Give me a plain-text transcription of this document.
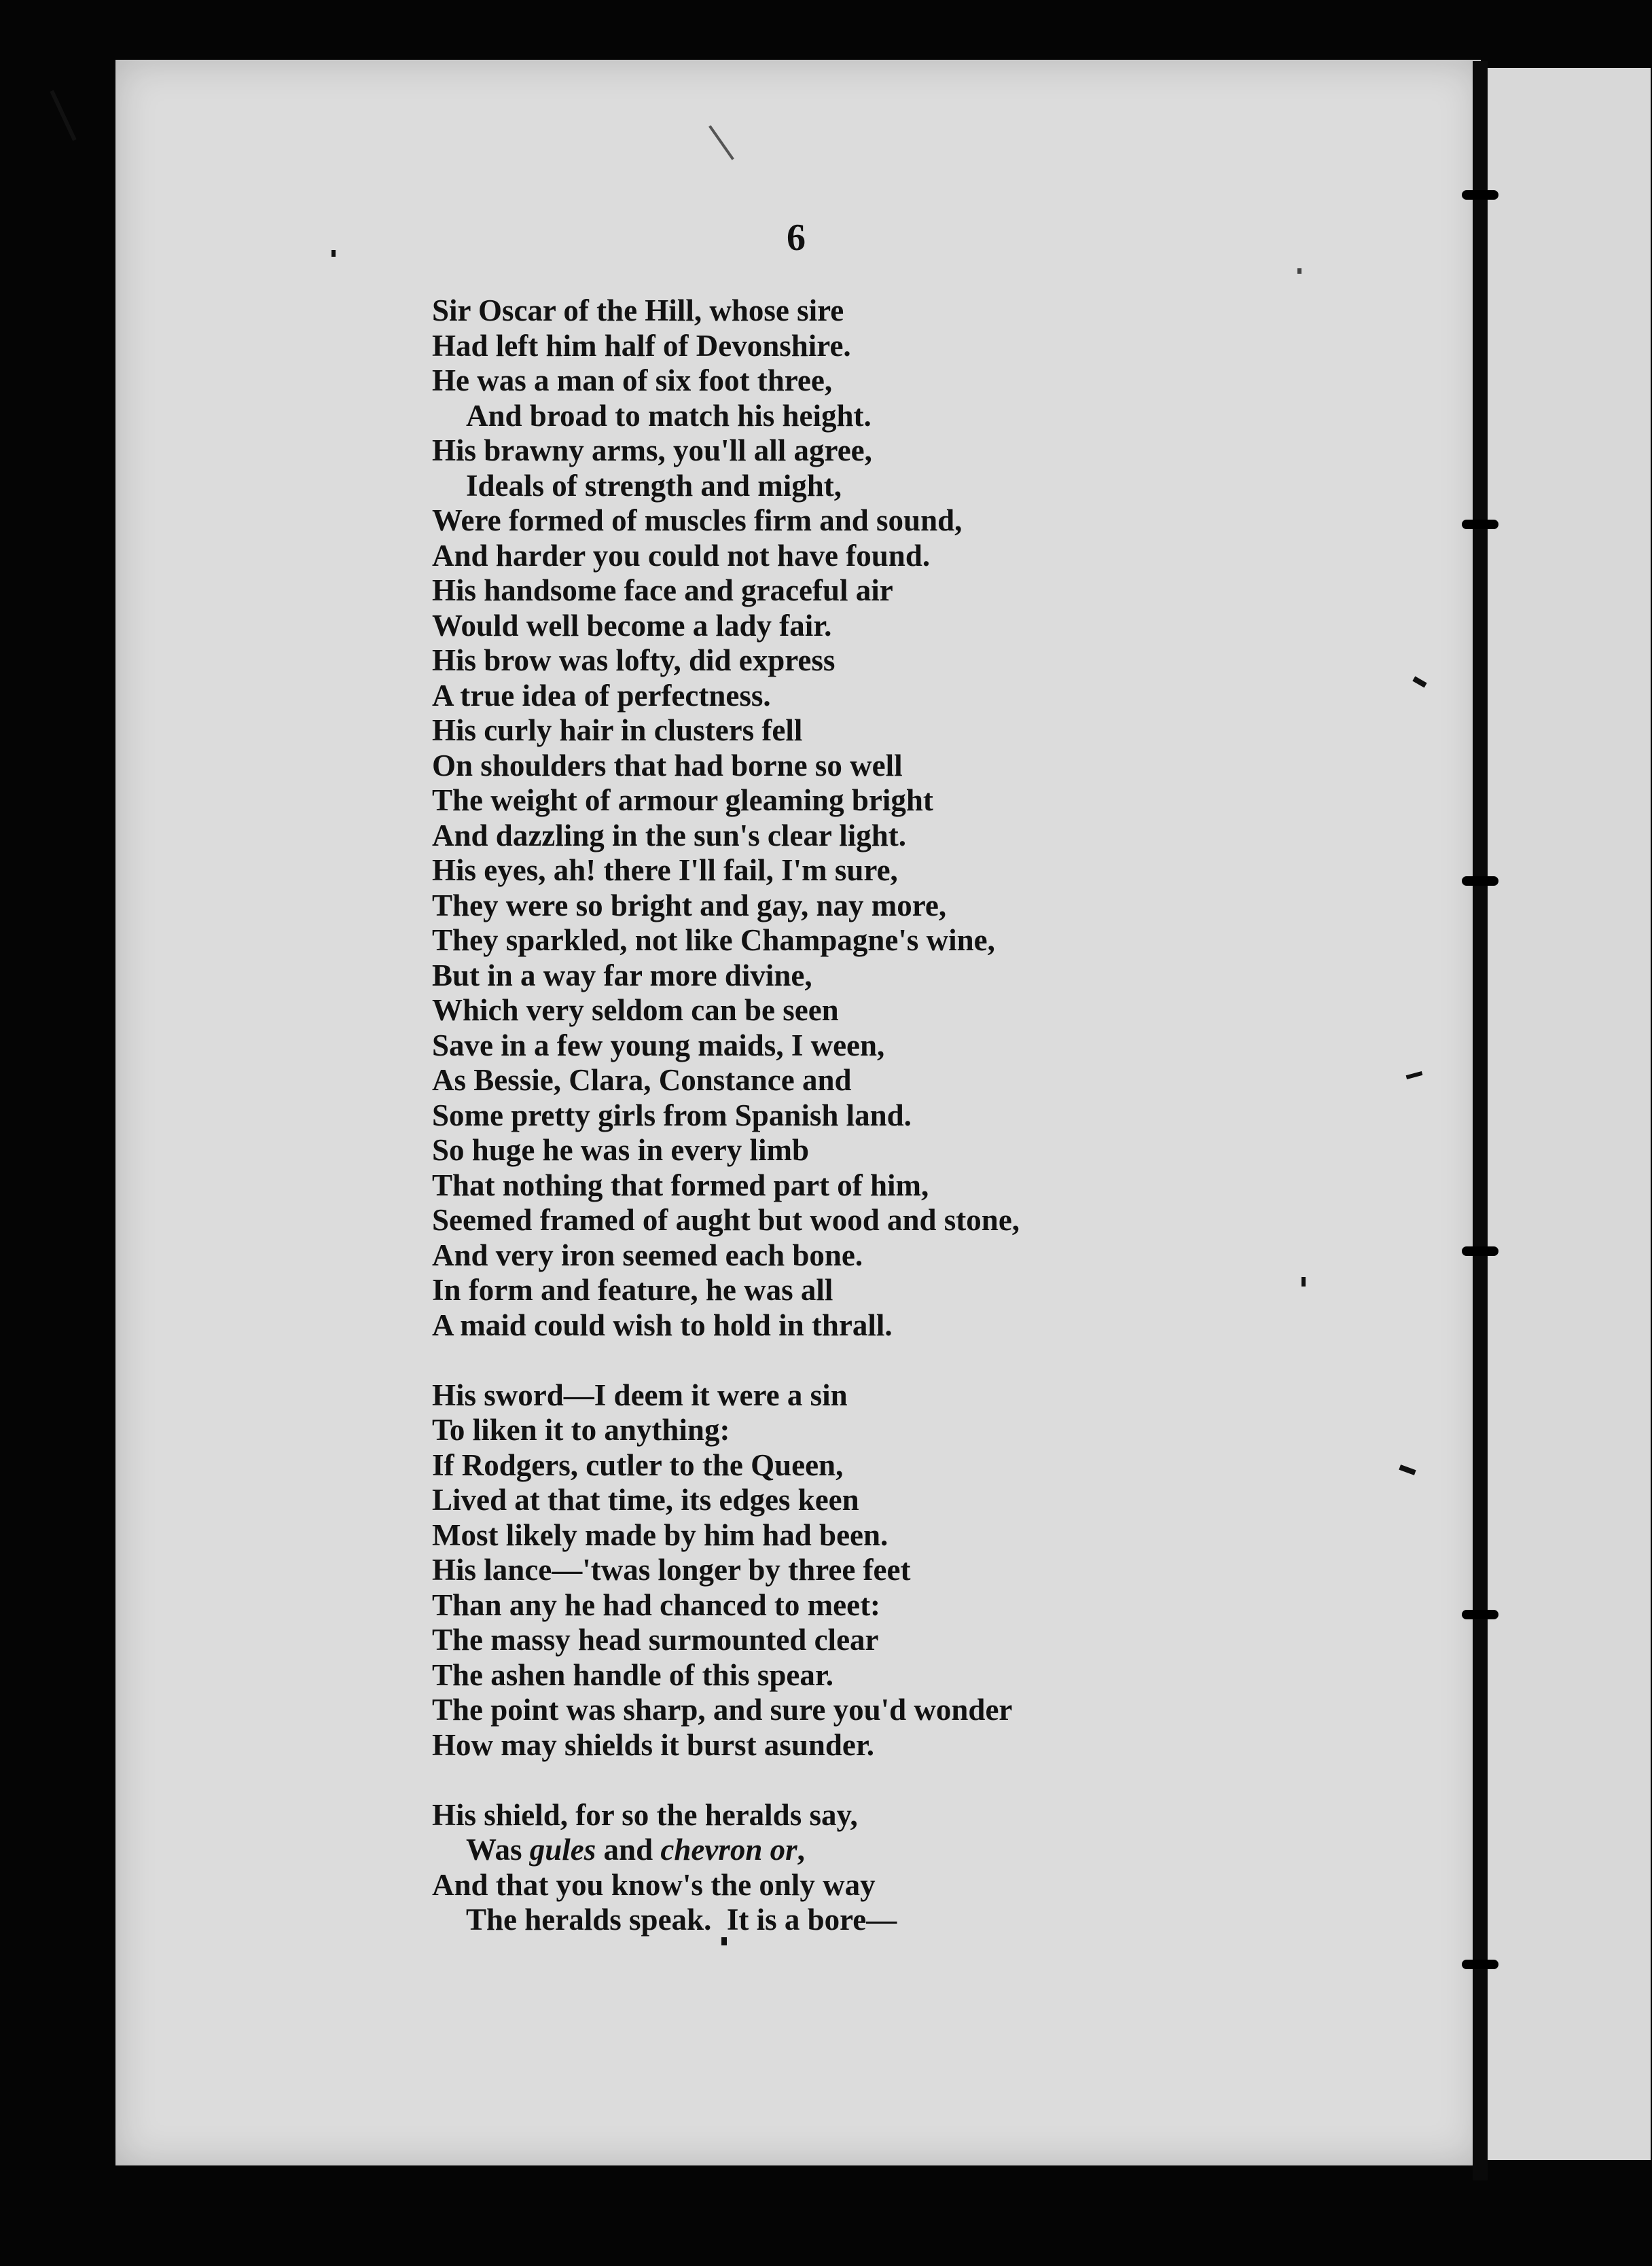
6
Sir Oscar of the Hill, whose sire
Had left him half of Devonshire.
He was a man of six foot three,
And broad to match his height.
His brawny arms, you'll all agree,
Ideals of strength and might,
Were formed of muscles firm and sound,
And harder you could not have found.
His handsome face and graceful air
Would well become a lady fair.
His brow was lofty, did express
A true idea of perfectness.
His curly hair in clusters fell
On shoulders that had borne so well
The weight of armour gleaming bright
And dazzling in the sun's clear light.
His eyes, ah! there I'll fail, I'm sure,
They were so bright and gay, nay more,
They sparkled, not like Champagne's wine,
But in a way far more divine,
Which very seldom can be seen
Save in a few young maids, I ween,
As Bessie, Clara, Constance and
Some pretty girls from Spanish land.
So huge he was in every limb
That nothing that formed part of him,
Seemed framed of aught but wood and stone,
And very iron seemed each bone.
In form and feature, he was all
A maid could wish to hold in thrall.
His sword—I deem it were a sin
To liken it to anything:
If Rodgers, cutler to the Queen,
Lived at that time, its edges keen
Most likely made by him had been.
His lance—'twas longer by three feet
Than any he had chanced to meet:
The massy head surmounted clear
The ashen handle of this spear.
The point was sharp, and sure you'd wonder
How may shields it burst asunder.
His shield, for so the heralds say,
Was gules and chevron or,
And that you know's the only way
The heralds speak.  It is a bore—
